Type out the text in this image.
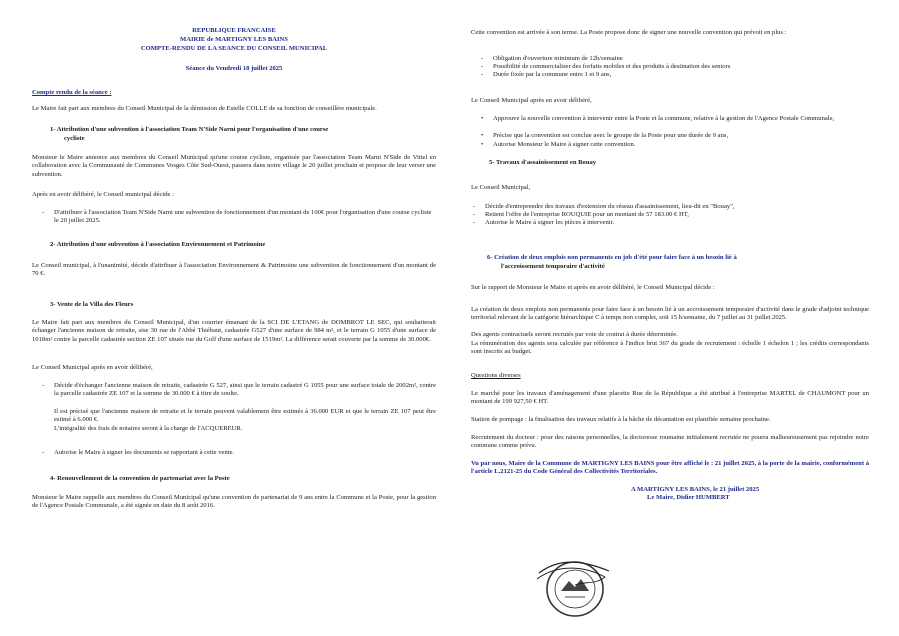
REPUBLIQUE FRANCAISE

MAIRIE de MARTIGNY LES BAINS

COMPTE-RENDU DE LA SEANCE DU CONSEIL MUNICIPAL

Séance du Vendredi 18 juillet 2025

Compte rendu de la séance :

Le Maire fait part aux membres du Conseil Municipal de la démission de Estelle COLLE de sa fonction de conseillère municipale.

1- Attribution d'une subvention à l'association Team N'Side Narni pour l'organisation d'une course

cycliste

Monsieur le Maire annonce aux membres du Conseil Municipal qu'une course cycliste, organisée par l'association Team Marni N'Side de Vittel en collaboration avec la Communauté de Communes Vosges Côte Sud-Ouest, passera dans notre village le 20 juillet prochain et propose de leur verser une subvention.

Après en avoir délibéré, le Conseil municipal décide :

- D'attribuer à l'association Team N'Side Narni une subvention de fonctionnement d'un montant de 100€ pour l'organisation d'une course cycliste le 20 juillet 2025.

2- Attribution d'une subvention à l'association Environnement et Patrimoine

Le Conseil municipal, à l'unanimité, décide d'attribuer à l'association Environnement & Patrimoine une subvention de fonctionnement d'un montant de 70 €.

3- Vente de la Villa des Fleurs

Le Maire fait part aux membres du Conseil Municipal, d'un courrier émanant de la SCI DE L'ETANG de DOMBROT LE SEC, qui souhaiterait échanger l'ancienne maison de retraite, sise 30 rue de l'Abbé Thiébaut, cadastrée G527 d'une surface de 984 m², et le terrain G 1055 d'une surface de 1018m² contre la parcelle cadastrée section ZE 107 située rue du Golf d'une surface de 1519m². La différence serait couverte par la somme de 30.000€.

Le Conseil Municipal après en avoir délibéré,

- Décide d'échanger l'ancienne maison de retraite, cadastrée G 527, ainsi que le terrain cadastré G 1055 pour une surface totale de 2002m², contre la parcelle cadastrée ZE 107 et la somme de 30.000 € à titre de soulte.

Il est précisé que l'ancienne maison de retraite et le terrain peuvent valablement être estimés à 36.000 EUR et que le terrain ZE 107 peut être estimé à 6.000 €.

L'intégralité des frais de notaires seront à la charge de l'ACQUEREUR.

- Autorise le Maire à signer les documents se rapportant à cette vente.

4- Renouvellement de la convention de partenariat avec la Poste

Monsieur le Maire rappelle aux membres du Conseil Municipal qu'une convention de partenariat de 9 ans entre la Commune et la Poste, pour la gestion de l'Agence Postale Communale, a été signée en date du 8 août 2016.

Cette convention est arrivée à son terme. La Poste propose donc de signer une nouvelle convention qui prévoit en plus :

- Obligation d'ouverture minimum de 12h/semaine

- Possibilité de commercialiser des forfaits mobiles et des produits à destination des seniors

- Durée fixée par la commune entre 1 et 9 ans,

Le Conseil Municipal après en avoir délibéré,

• Approuve la nouvelle convention à intervenir entre la Poste et la commune, relative à la gestion de l'Agence Postale Communale,

• Précise que la convention est conclue avec le groupe de la Poste pour une durée de 9 ans,

• Autorise Monsieur le Maire à signer cette convention.

5- Travaux d'assainissement en Bouay

Le Conseil Municipal,

- Décide d'entreprendre des travaux d'extension du réseau d'assainissement, lieu-dit en "Bouay",

- Retient l'offre de l'entreprise ROUQUIE pour un montant de 57 183.00 € HT,

- Autorise le Maire à signer les pièces à intervenir.

6- Création de deux emplois non permanents en job d'été pour faire face à un besoin lié à

l'accroissement temporaire d'activité

Sur le rapport de Monsieur le Maire et après en avoir délibéré, le Conseil Municipal décide :

La création de deux emplois non permanents pour faire face à un besoin lié à un accroissement temporaire d'activité dans le grade d'adjoint technique territorial relevant de la catégorie hiérarchique C à temps non complet, soit 15 h/semaine, du 7 juillet au 31 juillet 2025.

Des agents contractuels seront recrutés par voie de contrat à durée déterminée.

La rémunération des agents sera calculée par référence à l'indice brut 367 du grade de recrutement : échelle 1 échelon 1 ; les crédits correspondants sont inscrits au budget.

Questions diverses

Le marché pour les travaux d'aménagement d'une placette Rue de la République a été attribué à l'entreprise MARTEL de CHAUMONT pour un montant de 199 927,50 € HT.

Station de pompage : la finalisation des travaux relatifs à la bâche de décantation est planifiée semaine prochaine.

Recrutement du docteur : pour des raisons personnelles, la doctoresse roumaine initialement recrutée ne pourra malheureusement pas rejoindre notre commune comme prévu.

Vu par nous, Maire de la Commune de MARTIGNY LES BAINS pour être affiché le : 21 juillet 2025, à la porte de la mairie, conformément à l'article L.2121-25 du Code Général des Collectivités Territoriales.

A MARTIGNY LES BAINS, le 21 juillet 2025

Le Maire, Didier HUMBERT
